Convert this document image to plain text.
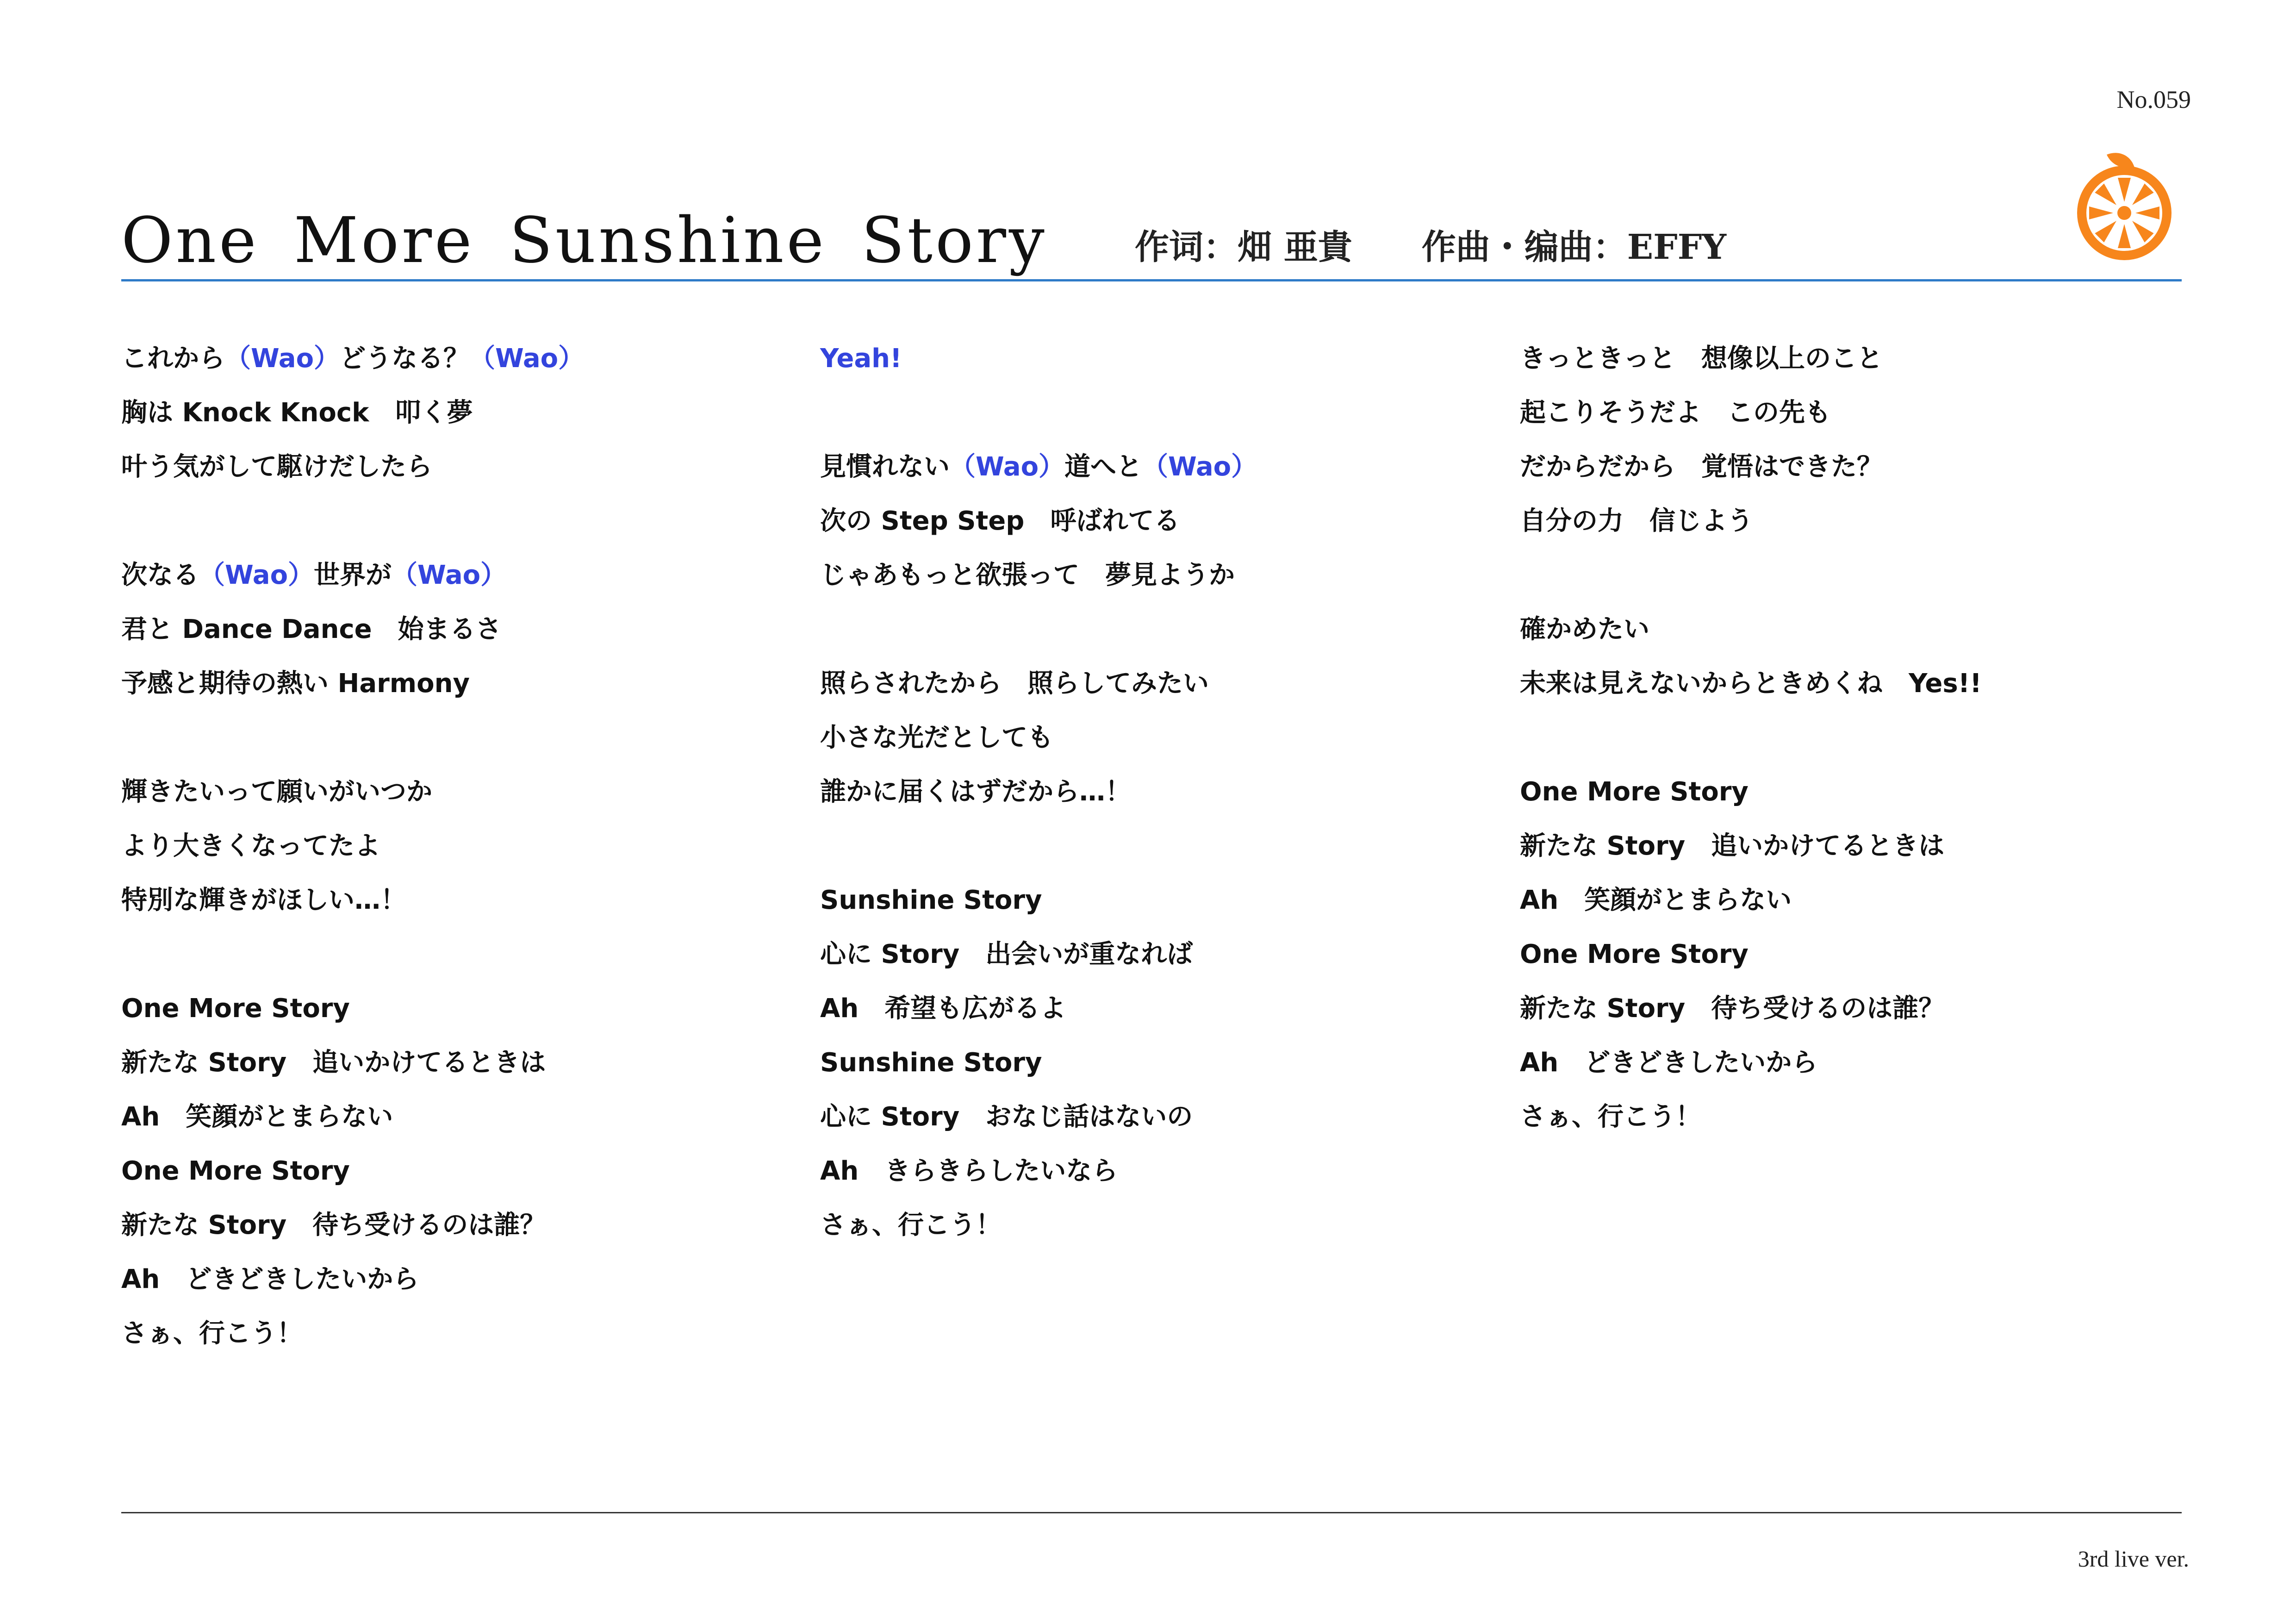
No.059
One More Sunshine Story	作词：畑 亜貴 作曲・编曲：EFFY
これから（Wao）どうなる？（Wao）
胸は Knock Knock　叩く夢
叶う気がして駆けだしたら
次なる（Wao）世界が（Wao）
君と Dance Dance　始まるさ
予感と期待の熱い Harmony
輝きたいって願いがいつか
より大きくなってたよ
特別な輝きがほしい…！
One More Story
新たな Story　追いかけてるときは
Ah　笑顔がとまらない
One More Story
新たな Story　待ち受けるのは誰？
Ah　どきどきしたいから
さぁ、行こう！
Yeah!
見慣れない（Wao）道へと（Wao）
次の Step Step　呼ばれてる
じゃあもっと欲張って　夢見ようか
照らされたから　照らしてみたい
小さな光だとしても
誰かに届くはずだから…！
Sunshine Story
心に Story　出会いが重なれば
Ah　希望も広がるよ
Sunshine Story
心に Story　おなじ話はないの
Ah　きらきらしたいなら
さぁ、行こう！
きっときっと　想像以上のこと
起こりそうだよ　この先も
だからだから　覚悟はできた？
自分の力　信じよう
確かめたい
未来は見えないからときめくね　Yes!!
One More Story
新たな Story　追いかけてるときは
Ah　笑顔がとまらない
One More Story
新たな Story　待ち受けるのは誰？
Ah　どきどきしたいから
さぁ、行こう！
3rd live ver.
